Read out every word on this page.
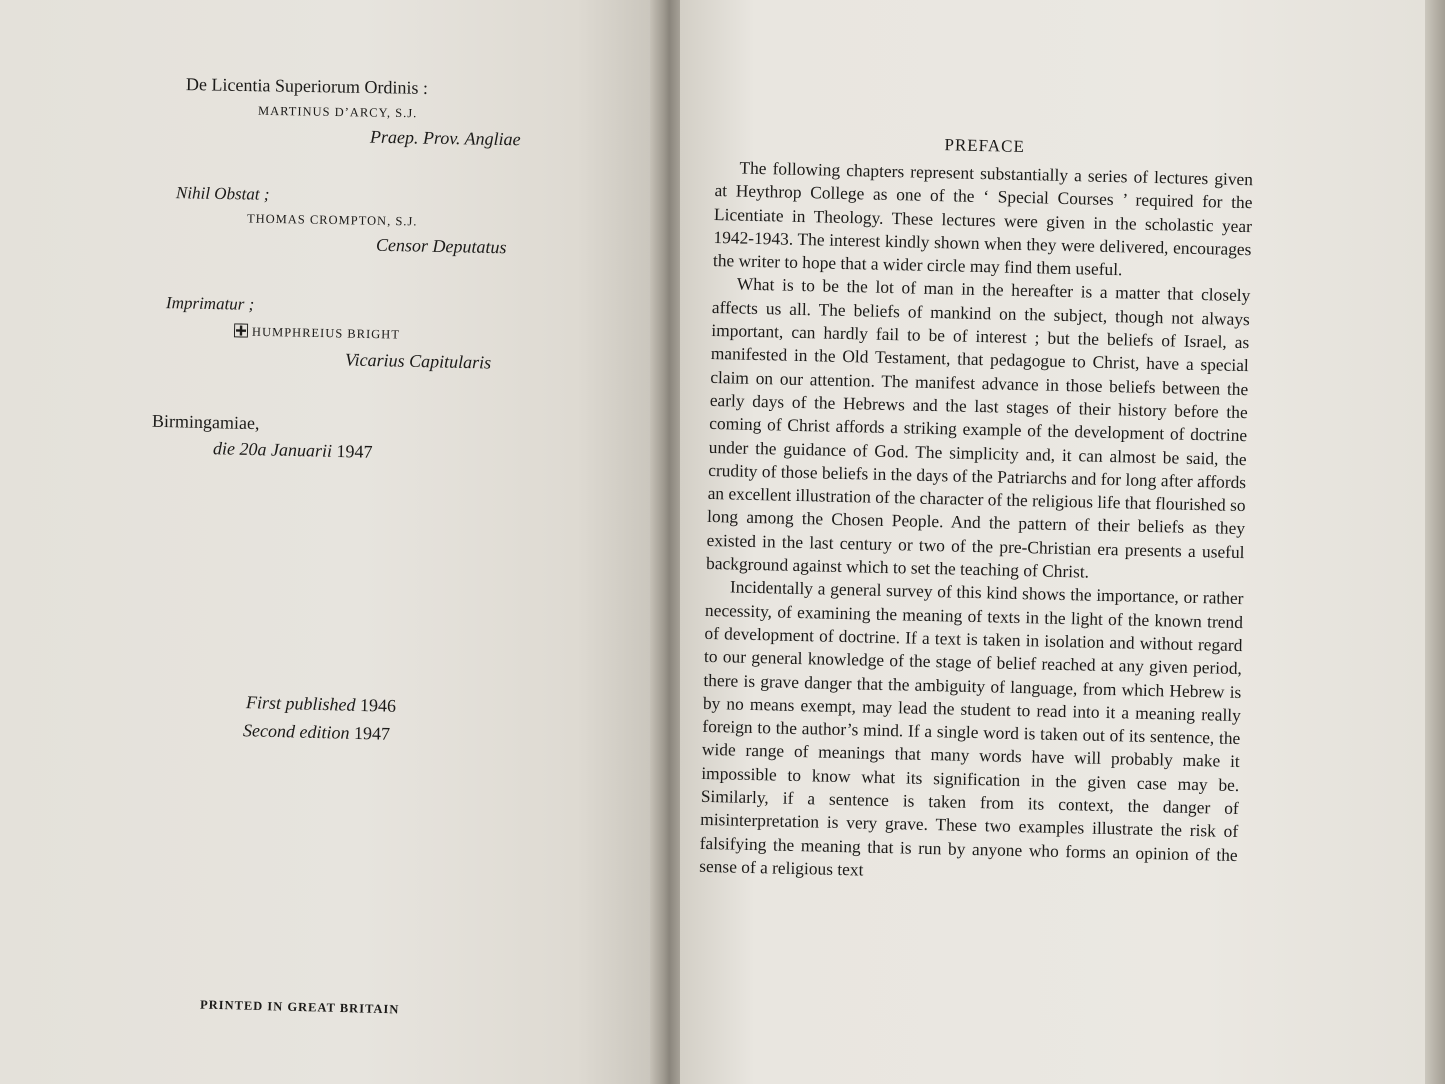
De Licentia Superiorum Ordinis :
MARTINUS D’ARCY, S.J.
Praep. Prov. Angliae
Nihil Obstat ;
THOMAS CROMPTON, S.J.
Censor Deputatus
Imprimatur ;
HUMPHREIUS BRIGHT
Vicarius Capitularis
Birmingamiae,
die 20a Januarii 1947
First published 1946
Second edition 1947
PRINTED IN GREAT BRITAIN
PREFACE

The following chapters represent substantially a series of lectures given at Heythrop College as one of the ‘ Special Courses ’ required for the Licentiate in Theology. These lectures were given in the scholastic year 1942-1943. The interest kindly shown when they were delivered, encourages the writer to hope that a wider circle may find them useful.

What is to be the lot of man in the hereafter is a matter that closely affects us all. The beliefs of mankind on the subject, though not always important, can hardly fail to be of interest ; but the beliefs of Israel, as manifested in the Old Testament, that pedagogue to Christ, have a special claim on our attention. The manifest advance in those beliefs between the early days of the Hebrews and the last stages of their history before the coming of Christ affords a striking example of the development of doctrine under the guidance of God. The simplicity and, it can almost be said, the crudity of those beliefs in the days of the Patriarchs and for long after affords an excellent illustration of the character of the religious life that flourished so long among the Chosen People. And the pattern of their beliefs as they existed in the last century or two of the pre-Christian era presents a useful background against which to set the teaching of Christ.

Incidentally a general survey of this kind shows the importance, or rather necessity, of examining the meaning of texts in the light of the known trend of development of doctrine. If a text is taken in isolation and without regard to our general knowledge of the stage of belief reached at any given period, there is grave danger that the ambiguity of language, from which Hebrew is by no means exempt, may lead the student to read into it a meaning really foreign to the author’s mind. If a single word is taken out of its sentence, the wide range of meanings that many words have will probably make it impossible to know what its signification in the given case may be. Similarly, if a sentence is taken from its context, the danger of misinterpretation is very grave. These two examples illustrate the risk of falsifying the meaning that is run by anyone who forms an opinion of the sense of a religious text
